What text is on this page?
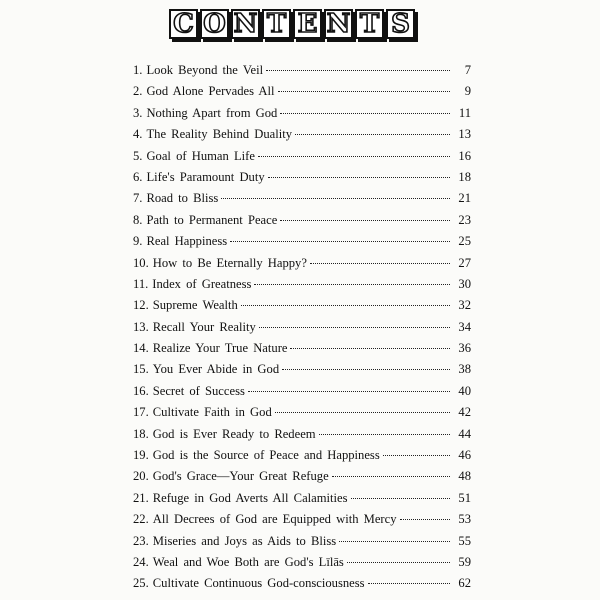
C O N T E N T S
1. Look Beyond the Veil	7
2. God Alone Pervades All	9
3. Nothing Apart from God	11
4. The Reality Behind Duality	13
5. Goal of Human Life	16
6. Life's Paramount Duty	18
7. Road to Bliss	21
8. Path to Permanent Peace	23
9. Real Happiness	25
10. How to Be Eternally Happy?	27
11. Index of Greatness	30
12. Supreme Wealth	32
13. Recall Your Reality	34
14. Realize Your True Nature	36
15. You Ever Abide in God	38
16. Secret of Success	40
17. Cultivate Faith in God	42
18. God is Ever Ready to Redeem	44
19. God is the Source of Peace and Happiness	46
20. God's Grace—Your Great Refuge	48
21. Refuge in God Averts All Calamities	51
22. All Decrees of God are Equipped with Mercy	53
23. Miseries and Joys as Aids to Bliss	55
24. Weal and Woe Both are God's Līlās	59
25. Cultivate Continuous God-consciousness	62
